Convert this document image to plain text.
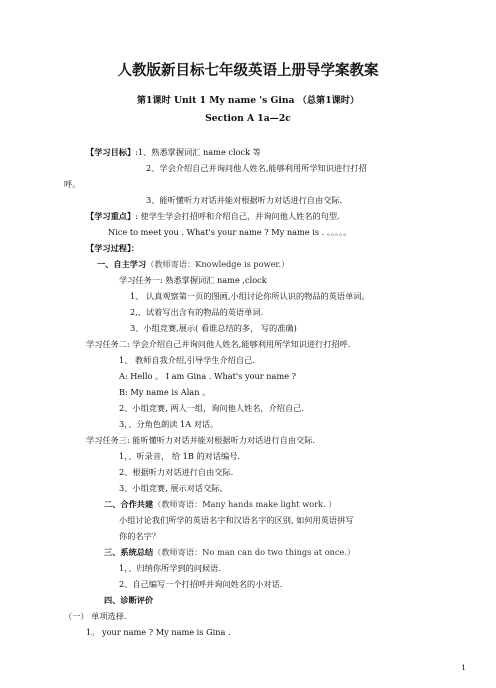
人教版新目标七年级英语上册导学案教案
第1课时 Unit 1 My name 's Gina （总第1课时）
Section A 1a—2c
【学习目标】:1、熟悉掌握词汇 name clock 等
2、学会介绍自己并询问他人姓名,能够利用所学知识进行打招
呼。
3、能听懂听力对话并能对根据听力对话进行自由交际.
【学习重点】: 使学生学会打招呼和介绍自己，并询问他人姓名的句型.
Nice to meet you . What's your name ? My name is . 。。。。。
【学习过程】：
一、自主学习（教师寄语：Knowledge is power.）
学习任务一: 熟悉掌握词汇 name ,clock
1、 认真观察第一页的图画,小组讨论你所认识的物品的英语单词。
2,、试着写出含有的物品的英语单词.
3、小组竞赛,展示( 看谁总结的多， 写的准确)
学习任务二: 学会介绍自己并询问他人姓名,能够利用所学知识进行打招呼.
1、 教师自我介绍,引导学生介绍自己.
A: Hello 。 I am Gina . What's your name ?
B: My name is Alan 。
2、小组竞赛, 两人一组，询问他人姓名，介绍自己.
3，、分角色朗读 1A 对话。
学习任务三: 能听懂听力对话并能对根据听力对话进行自由交际.
1，、听录音， 给 1B 的对话编号.
2、根据听力对话进行自由交际.
3、小组竞赛, 展示对话交际。
二、合作共建（教师寄语：Many hands make light work. ）
小组讨论我们所学的英语名字和汉语名字的区别, 如何用英语拼写
你的名字？
三、系统总结（教师寄语：No man can do two things at once.）
1，、归纳你所学到的问候语.
2、自己编写一个打招呼并询问姓名的小对话.
四、诊断评价
（一） 单项选择.
1。 your name ? My name is Gina .
1
